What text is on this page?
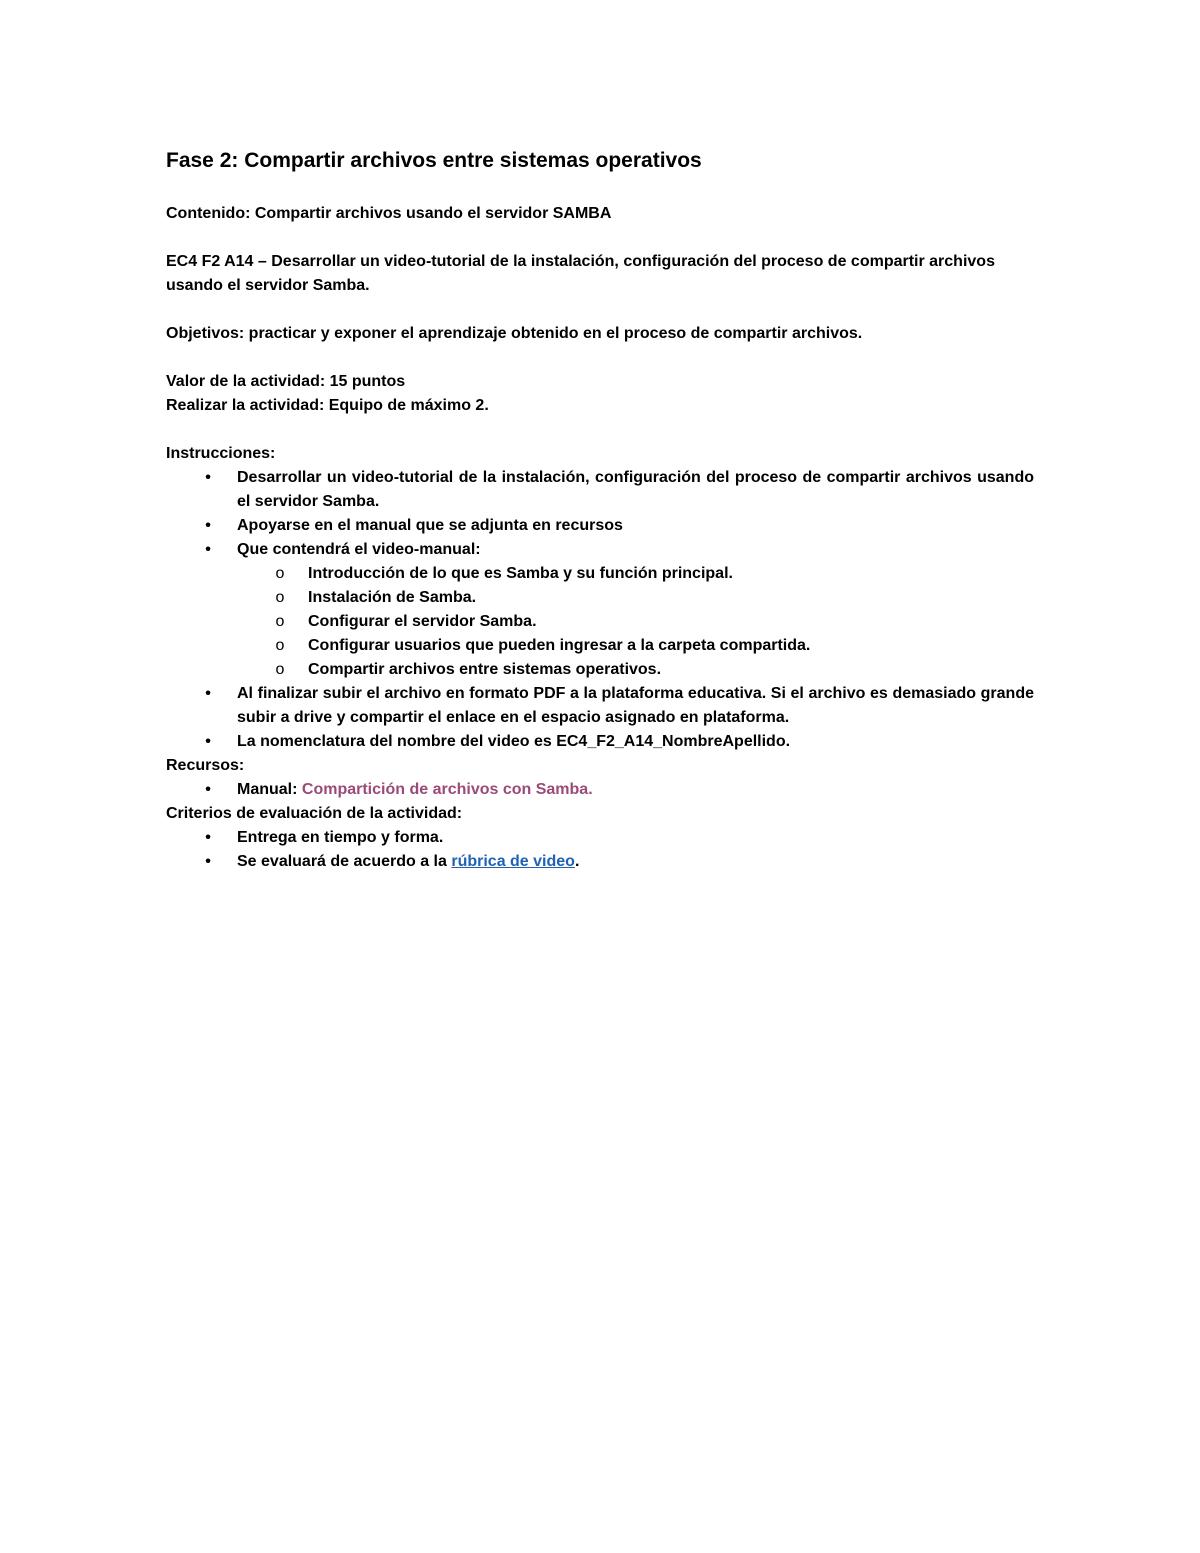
Fase 2: Compartir archivos entre sistemas operativos
Contenido: Compartir archivos usando el servidor SAMBA
EC4 F2 A14 – Desarrollar un video-tutorial de la instalación, configuración del proceso de compartir archivos usando el servidor Samba.
Objetivos: practicar y exponer el aprendizaje obtenido en el proceso de compartir archivos.
Valor de la actividad: 15 puntos
Realizar la actividad: Equipo de máximo 2.
Instrucciones:
• Desarrollar un video-tutorial de la instalación, configuración del proceso de compartir archivos usando el servidor Samba.
• Apoyarse en el manual que se adjunta en recursos
• Que contendrá el video-manual:
o Introducción de lo que es Samba y su función principal.
o Instalación de Samba.
o Configurar el servidor Samba.
o Configurar usuarios que pueden ingresar a la carpeta compartida.
o Compartir archivos entre sistemas operativos.
• Al finalizar subir el archivo en formato PDF a la plataforma educativa. Si el archivo es demasiado grande subir a drive y compartir el enlace en el espacio asignado en plataforma.
• La nomenclatura del nombre del video es EC4_F2_A14_NombreApellido.
Recursos:
• Manual: Compartición de archivos con Samba.
Criterios de evaluación de la actividad:
• Entrega en tiempo y forma.
• Se evaluará de acuerdo a la rúbrica de video.
